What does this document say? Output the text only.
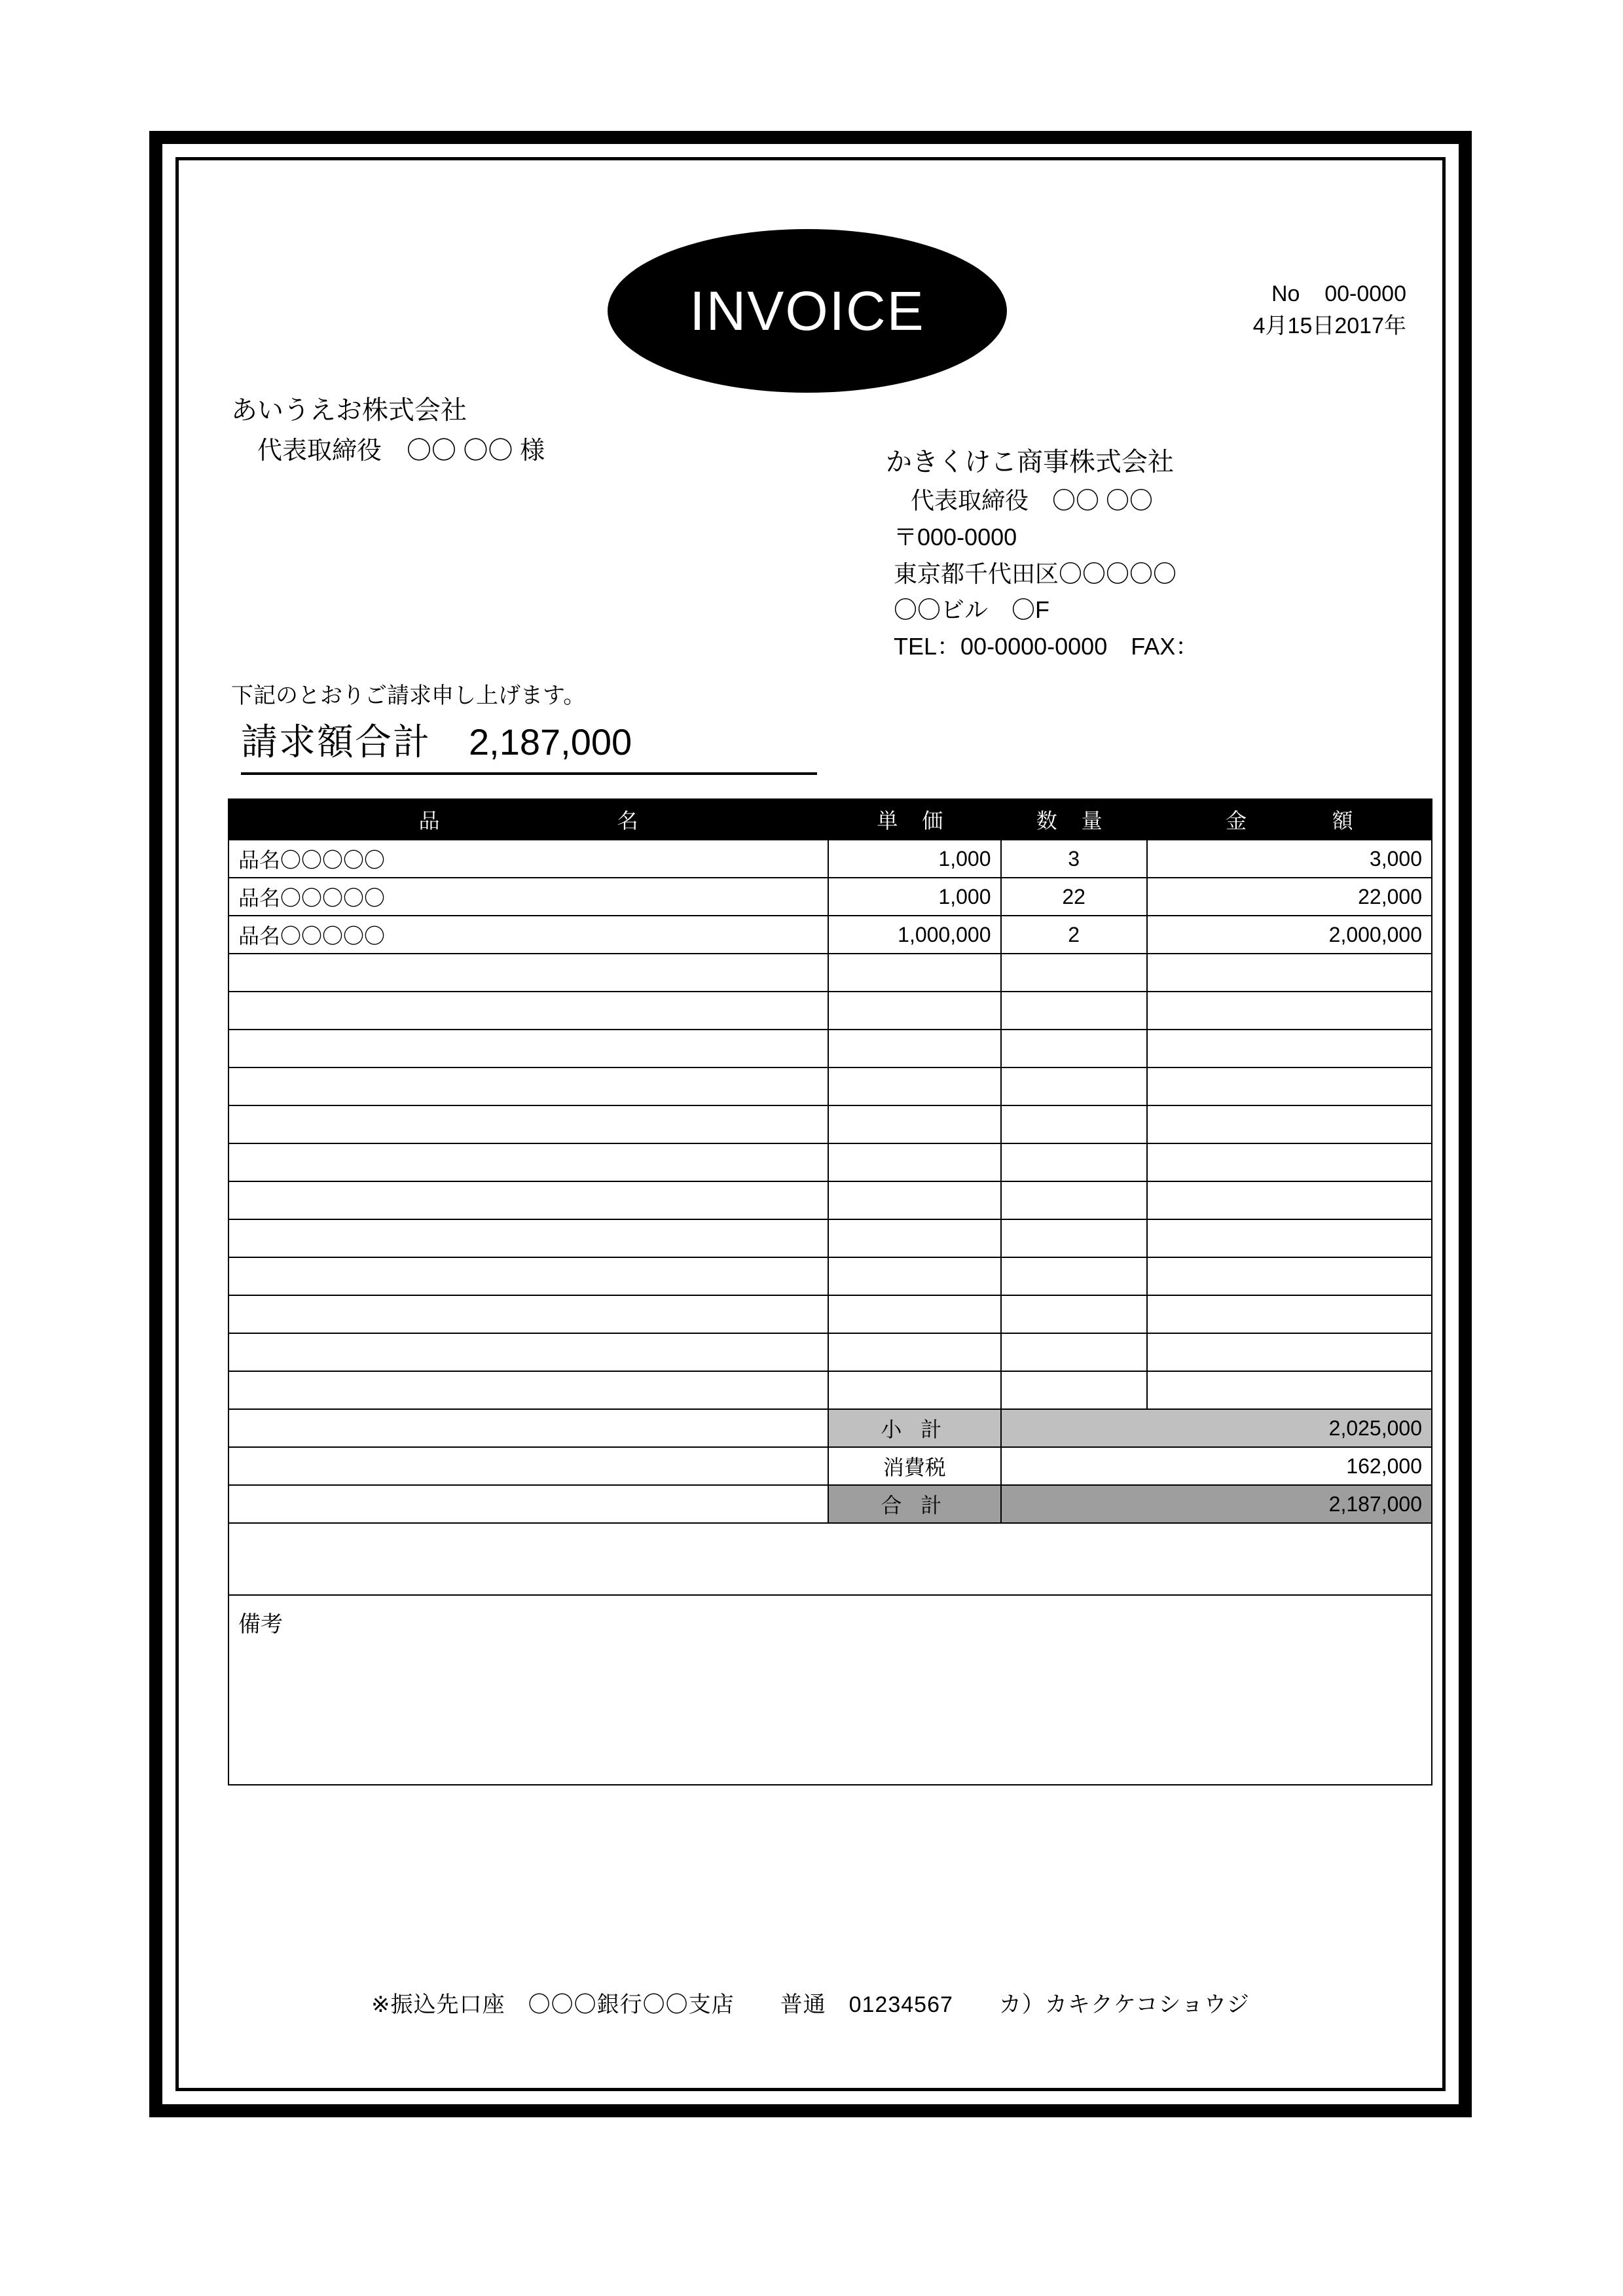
INVOICE	No 00-0000
4月15日2017年
あいうえお株式会社
代表取締役　〇〇 〇〇 様	かきくけこ商事株式会社
代表取締役　〇〇 〇〇
〒000-0000
東京都千代田区〇〇〇〇〇
〇〇ビル　〇F
TEL：00-0000-0000　FAX：
下記のとおりご請求申し上げます。
請求額合計 2,187,000
品 名	単 価	数 量	金 額

品名〇〇〇〇〇	1,000	3	3,000
品名〇〇〇〇〇	1,000	22	22,000
品名〇〇〇〇〇	1,000,000	2	2,000,000

	小 計	2,025,000	
	消費税	162,000	
	合 計	2,187,000	

備考			
※振込先口座　〇〇〇銀行〇〇支店　　普通　01234567　　カ）カキクケコショウジ
